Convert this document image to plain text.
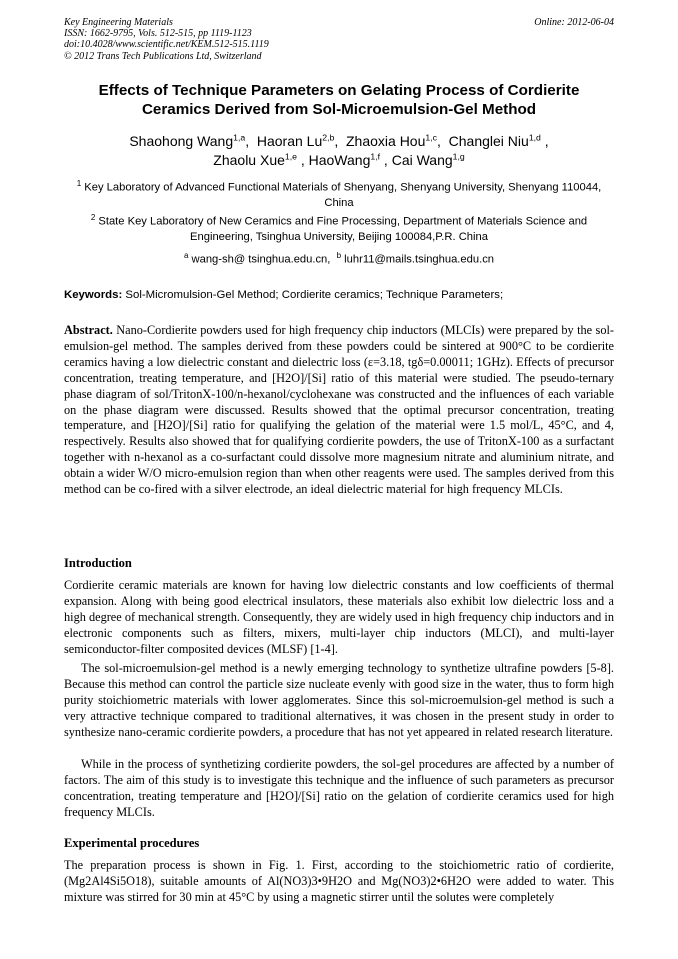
Key Engineering Materials
ISSN: 1662-9795, Vols. 512-515, pp 1119-1123
doi:10.4028/www.scientific.net/KEM.512-515.1119
© 2012 Trans Tech Publications Ltd, Switzerland
Online: 2012-06-04
Effects of Technique Parameters on Gelating Process of Cordierite
Ceramics Derived from Sol-Microemulsion-Gel Method
Shaohong Wang$^{1,a}$,  Haoran Lu$^{2,b}$,  Zhaoxia Hou$^{1,c}$,  Changlei Niu$^{1,d}$ ,
Zhaolu Xue$^{1,e}$ , HaoWang$^{1,f}$ , Cai Wang$^{1,g}$
$^1$ Key Laboratory of Advanced Functional Materials of Shenyang, Shenyang University, Shenyang 110044, China
$^2$ State Key Laboratory of New Ceramics and Fine Processing, Department of Materials Science and Engineering, Tsinghua University, Beijing 100084,P.R. China
$^a$ wang-sh@ tsinghua.edu.cn, $^b$ luhr11@mails.tsinghua.edu.cn
Keywords: Sol-Micromulsion-Gel Method; Cordierite ceramics; Technique Parameters;
Abstract. Nano-Cordierite powders used for high frequency chip inductors (MLCIs) were prepared by the sol-emulsion-gel method. The samples derived from these powders could be sintered at 900°C to be cordierite ceramics having a low dielectric constant and dielectric loss (ε=3.18, tgδ=0.00011; 1GHz). Effects of precursor concentration, treating temperature, and [H2O]/[Si] ratio of this material were studied. The pseudo-ternary phase diagram of sol/TritonX-100/n-hexanol/cyclohexane was constructed and the influences of each variable on the phase diagram were discussed. Results showed that the optimal precursor concentration, treating temperature, and [H2O]/[Si] ratio for qualifying the gelation of the material were 1.5 mol/L, 45°C, and 4, respectively. Results also showed that for qualifying cordierite powders, the use of TritonX-100 as a surfactant together with n-hexanol as a co-surfactant could dissolve more magnesium nitrate and aluminium nitrate, and obtain a wider W/O micro-emulsion region than when other reagents were used. The samples derived from this method can be co-fired with a silver electrode, an ideal dielectric material for high frequency MLCIs.
Introduction
Cordierite ceramic materials are known for having low dielectric constants and low coefficients of thermal expansion. Along with being good electrical insulators, these materials also exhibit low dielectric loss and a high degree of mechanical strength. Consequently, they are widely used in high frequency chip inductors and in electronic components such as filters, mixers, multi-layer chip inductors (MLCI), and multi-layer semiconductor-filter composited devices (MLSF) [1-4].
The sol-microemulsion-gel method is a newly emerging technology to synthetize ultrafine powders [5-8]. Because this method can control the particle size nucleate evenly with good size in the water, thus to form high purity stoichiometric materials with lower agglomerates. Since this sol-microemulsion-gel method is such a very attractive technique compared to traditional alternatives, it was chosen in the present study in order to synthesize nano-ceramic cordierite powders, a procedure that has not yet appeared in related research literature.
While in the process of synthetizing cordierite powders, the sol-gel procedures are affected by a number of factors. The aim of this study is to investigate this technique and the influence of such parameters as precursor concentration, treating temperature and [H2O]/[Si] ratio on the gelation of cordierite ceramics used for high frequency MLCIs.
Experimental procedures
The preparation process is shown in Fig. 1. First, according to the stoichiometric ratio of cordierite, (Mg2Al4Si5O18), suitable amounts of Al(NO3)3•9H2O and Mg(NO3)2•6H2O were added to water. This mixture was stirred for 30 min at 45°C by using a magnetic stirrer until the solutes were completely
